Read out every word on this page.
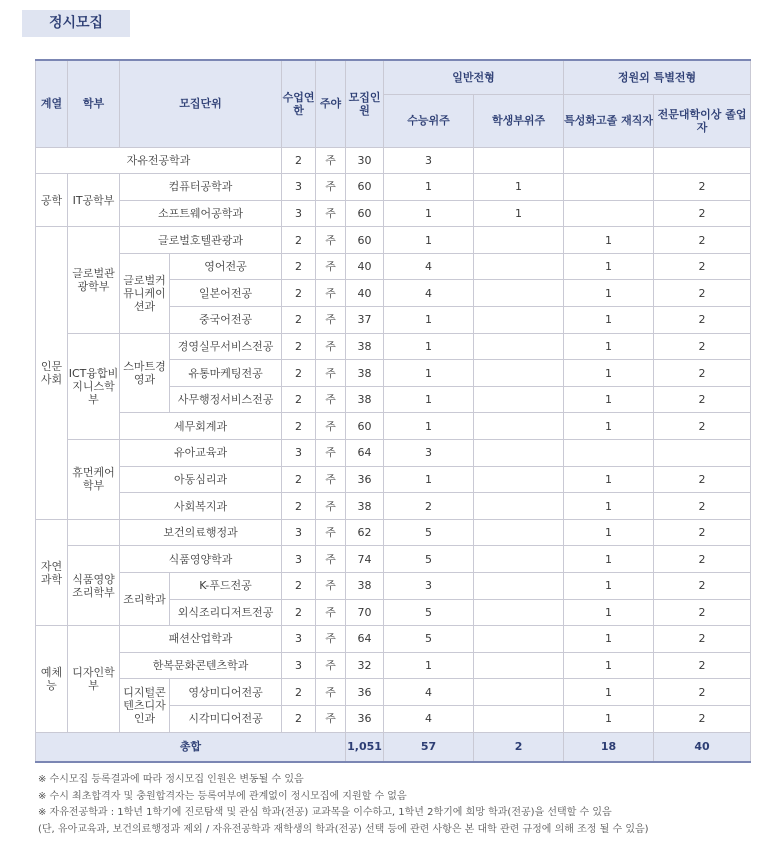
정시모집
계열	학부	모집단위		수업연한	주야	모집인원	일반전형		정원외 특별전형	
							수능위주	학생부위주	특성화고졸 재직자	전문대학이상 졸업자
자유전공학과				2	주	30	3			
공학	IT공학부	컴퓨터공학과		3	주	60	1	1		2
		소프트웨어공학과		3	주	60	1	1		2
인문사회	글로벌관광학부	글로벌호텔관광과		2	주	60	1		1	2
		글로벌커뮤니케이션과	영어전공	2	주	40	4		1	2
			일본어전공	2	주	40	4		1	2
			중국어전공	2	주	37	1		1	2
	ICT융합비지니스학부	스마트경영과	경영실무서비스전공	2	주	38	1		1	2
			유통마케팅전공	2	주	38	1		1	2
			사무행정서비스전공	2	주	38	1		1	2
		세무회계과		2	주	60	1		1	2
	휴먼케어학부	유아교육과		3	주	64	3			
		아동심리과		2	주	36	1		1	2
		사회복지과		2	주	38	2		1	2
자연과학		보건의료행정과		3	주	62	5		1	2
	식품영양조리학부	식품영양학과		3	주	74	5		1	2
		조리학과	K-푸드전공	2	주	38	3		1	2
			외식조리디저트전공	2	주	70	5		1	2
예체능	디자인학부	패션산업학과		3	주	64	5		1	2
		한복문화콘텐츠학과		3	주	32	1		1	2
		디지털콘텐츠디자인과	영상미디어전공	2	주	36	4		1	2
			시각미디어전공	2	주	36	4		1	2
총합						1,051	57	2	18	40
※ 수시모집 등록결과에 따라 정시모집 인원은 변동될 수 있음
※ 수시 최초합격자 및 충원합격자는 등록여부에 관계없이 정시모집에 지원할 수 없음
※ 자유전공학과 : 1학년 1학기에 진로탐색 및 관심 학과(전공) 교과목을 이수하고, 1학년 2학기에 희망 학과(전공)을 선택할 수 있음
(단, 유아교육과, 보건의료행정과 제외 / 자유전공학과 재학생의 학과(전공) 선택 등에 관련 사항은 본 대학 관련 규정에 의해 조정 될 수 있음)
